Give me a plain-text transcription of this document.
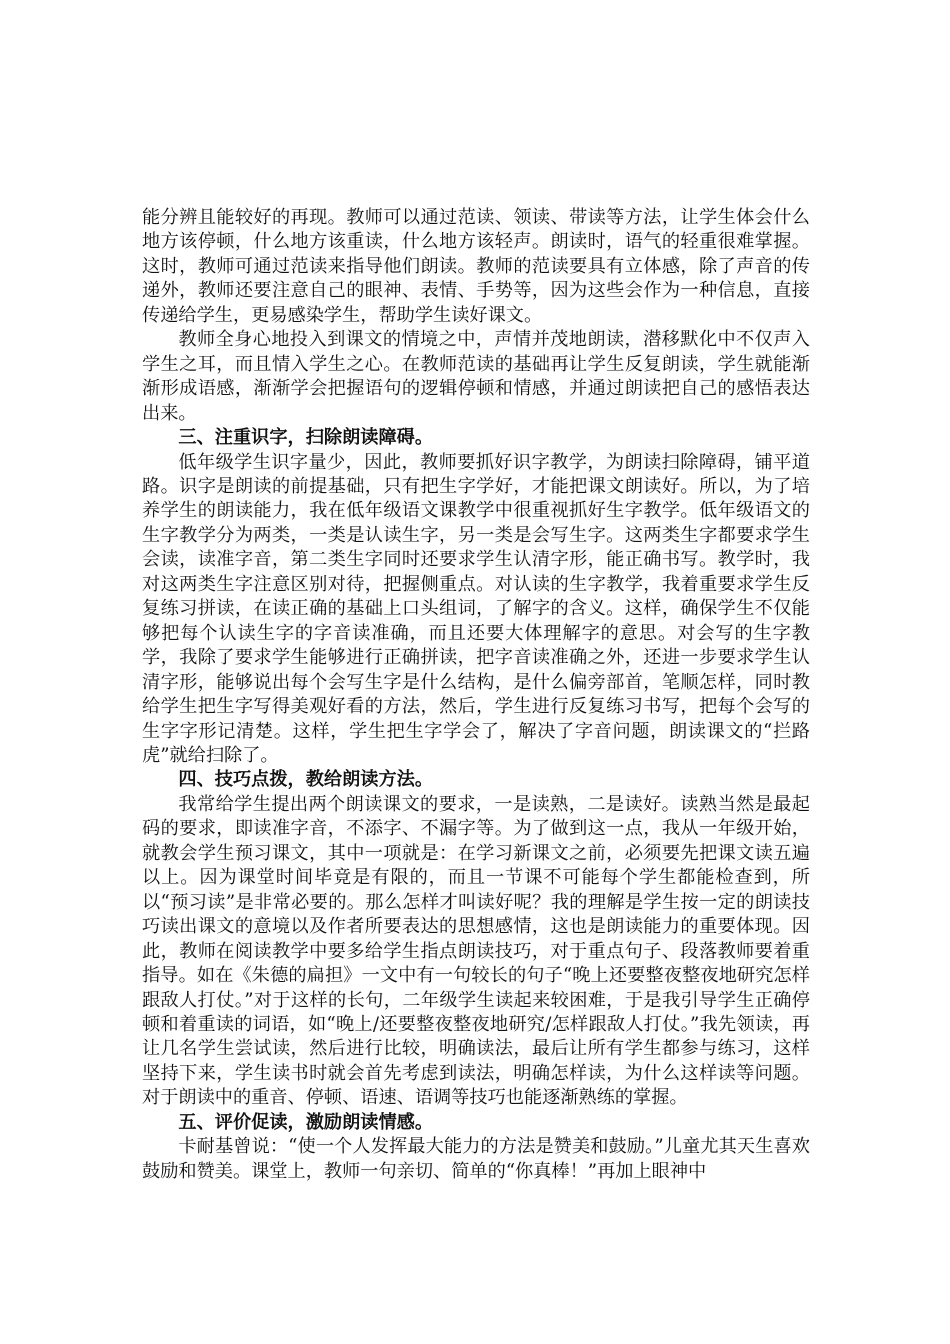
能分辨且能较好的再现。教师可以通过范读、领读、带读等方法，让学生体会什么地方该停顿，什么地方该重读，什么地方该轻声。朗读时，语气的轻重很难掌握。这时，教师可通过范读来指导他们朗读。教师的范读要具有立体感，除了声音的传递外，教师还要注意自己的眼神、表情、手势等，因为这些会作为一种信息，直接传递给学生，更易感染学生，帮助学生读好课文。

教师全身心地投入到课文的情境之中，声情并茂地朗读，潜移默化中不仅声入学生之耳，而且情入学生之心。在教师范读的基础再让学生反复朗读，学生就能渐渐形成语感，渐渐学会把握语句的逻辑停顿和情感，并通过朗读把自己的感悟表达出来。

三、注重识字，扫除朗读障碍。

低年级学生识字量少，因此，教师要抓好识字教学，为朗读扫除障碍，铺平道路。识字是朗读的前提基础，只有把生字学好，才能把课文朗读好。所以，为了培养学生的朗读能力，我在低年级语文课教学中很重视抓好生字教学。低年级语文的生字教学分为两类，一类是认读生字，另一类是会写生字。这两类生字都要求学生会读，读准字音，第二类生字同时还要求学生认清字形，能正确书写。教学时，我对这两类生字注意区别对待，把握侧重点。对认读的生字教学，我着重要求学生反复练习拼读，在读正确的基础上口头组词，了解字的含义。这样，确保学生不仅能够把每个认读生字的字音读准确，而且还要大体理解字的意思。对会写的生字教学，我除了要求学生能够进行正确拼读，把字音读准确之外，还进一步要求学生认清字形，能够说出每个会写生字是什么结构，是什么偏旁部首，笔顺怎样，同时教给学生把生字写得美观好看的方法，然后，学生进行反复练习书写，把每个会写的生字字形记清楚。这样，学生把生字学会了，解决了字音问题，朗读课文的“拦路虎”就给扫除了。

四、技巧点拨，教给朗读方法。

我常给学生提出两个朗读课文的要求，一是读熟，二是读好。读熟当然是最起码的要求，即读准字音，不添字、不漏字等。为了做到这一点，我从一年级开始，就教会学生预习课文，其中一项就是：在学习新课文之前，必须要先把课文读五遍以上。因为课堂时间毕竟是有限的，而且一节课不可能每个学生都能检查到，所以“预习读”是非常必要的。那么怎样才叫读好呢？我的理解是学生按一定的朗读技巧读出课文的意境以及作者所要表达的思想感情，这也是朗读能力的重要体现。因此，教师在阅读教学中要多给学生指点朗读技巧，对于重点句子、段落教师要着重指导。如在《朱德的扁担》一文中有一句较长的句子“晚上还要整夜整夜地研究怎样跟敌人打仗。”对于这样的长句，二年级学生读起来较困难，于是我引导学生正确停顿和着重读的词语，如“晚上/还要整夜整夜地研究/怎样跟敌人打仗。”我先领读，再让几名学生尝试读，然后进行比较，明确读法，最后让所有学生都参与练习，这样坚持下来，学生读书时就会首先考虑到读法，明确怎样读，为什么这样读等问题。对于朗读中的重音、停顿、语速、语调等技巧也能逐渐熟练的掌握。

五、评价促读，激励朗读情感。

卡耐基曾说：“使一个人发挥最大能力的方法是赞美和鼓励。”儿童尤其天生喜欢鼓励和赞美。课堂上，教师一句亲切、简单的“你真棒！”再加上眼神中
